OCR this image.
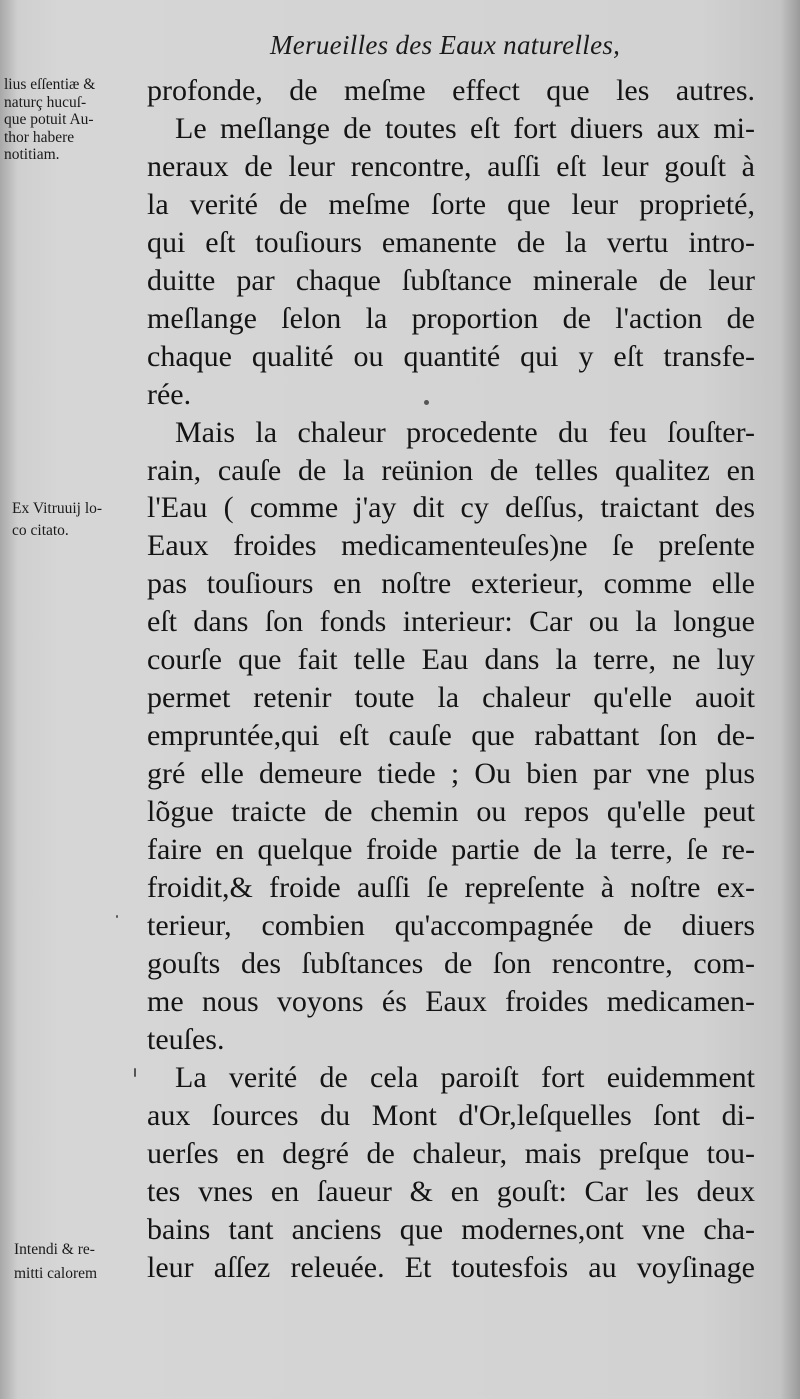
Merueilles des Eaux naturelles,
lius eſſentiæ &
naturç hucuſ-
que potuit Au-
thor habere
notitiam.
Ex Vitruuij lo-
co citato.
Intendi & re-
mitti calorem
profonde, de meſme effect que les autres.
Le meſlange de toutes eſt fort diuers aux mi-
neraux de leur rencontre, auſſi eſt leur gouſt à
la verité de meſme ſorte que leur proprieté,
qui eſt touſiours emanente de la vertu intro-
duitte par chaque ſubſtance minerale de leur
meſlange ſelon la proportion de l'action de
chaque qualité ou quantité qui y eſt transfe-
rée.
Mais la chaleur procedente du feu ſouſter-
rain, cauſe de la reünion de telles qualitez en
l'Eau ( comme j'ay dit cy deſſus, traictant des
Eaux froides medicamenteuſes)ne ſe preſente
pas touſiours en noſtre exterieur, comme elle
eſt dans ſon fonds interieur: Car ou la longue
courſe que fait telle Eau dans la terre, ne luy
permet retenir toute la chaleur qu'elle auoit
empruntée,qui eſt cauſe que rabattant ſon de-
gré elle demeure tiede ; Ou bien par vne plus
lõgue traicte de chemin ou repos qu'elle peut
faire en quelque froide partie de la terre, ſe re-
froidit,& froide auſſi ſe repreſente à noſtre ex-
terieur, combien qu'accompagnée de diuers
gouſts des ſubſtances de ſon rencontre, com-
me nous voyons és Eaux froides medicamen-
teuſes.
La verité de cela paroiſt fort euidemment
aux ſources du Mont d'Or,leſquelles ſont di-
uerſes en degré de chaleur, mais preſque tou-
tes vnes en ſaueur & en gouſt: Car les deux
bains tant anciens que modernes,ont vne cha-
leur aſſez releuée. Et toutesfois au voyſinage
